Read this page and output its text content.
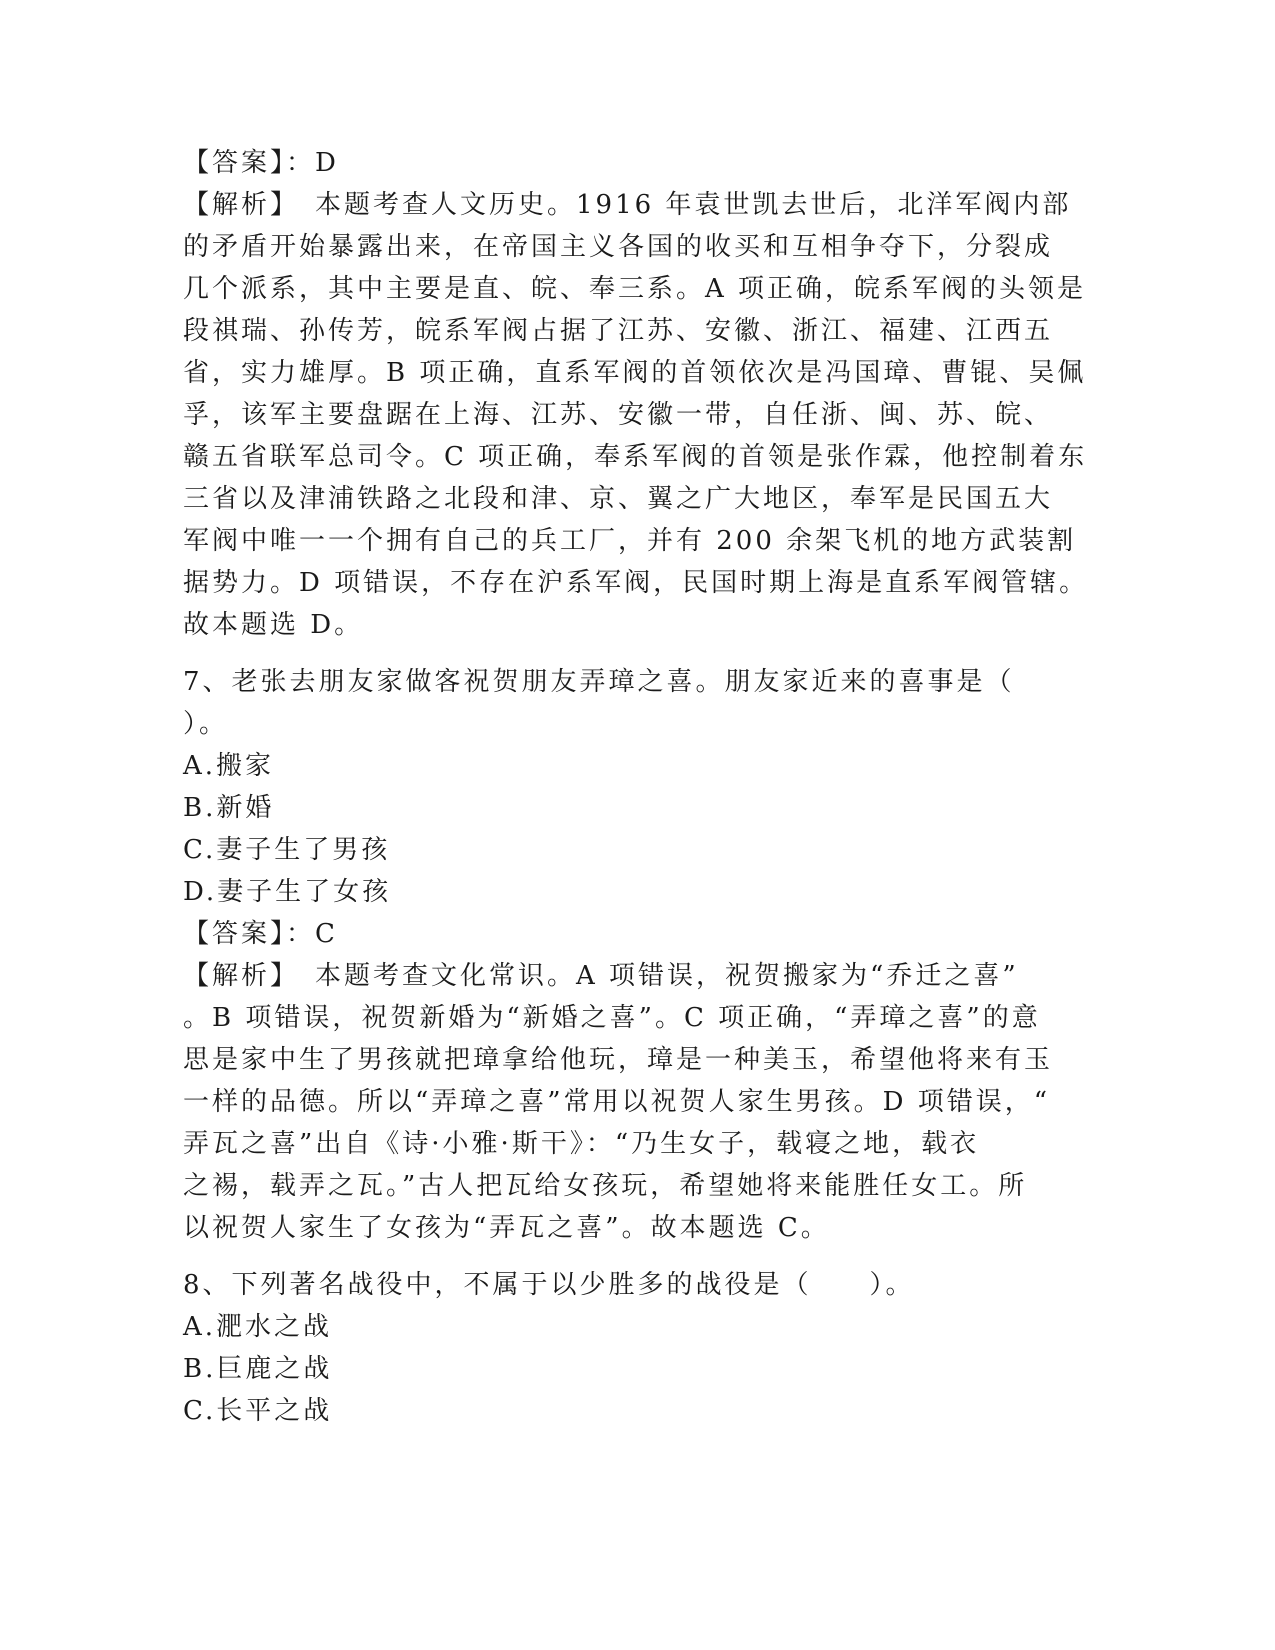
【答案】：D
【解析】　本题考查人文历史。1916 年袁世凯去世后，北洋军阀内部
的矛盾开始暴露出来，在帝国主义各国的收买和互相争夺下，分裂成
几个派系，其中主要是直、皖、奉三系。A 项正确，皖系军阀的头领是
段祺瑞、孙传芳，皖系军阀占据了江苏、安徽、浙江、福建、江西五
省，实力雄厚。B 项正确，直系军阀的首领依次是冯国璋、曹锟、吴佩
孚，该军主要盘踞在上海、江苏、安徽一带，自任浙、闽、苏、皖、
赣五省联军总司令。C 项正确，奉系军阀的首领是张作霖，他控制着东
三省以及津浦铁路之北段和津、京、翼之广大地区，奉军是民国五大
军阀中唯一一个拥有自己的兵工厂，并有 200 余架飞机的地方武装割
据势力。D 项错误，不存在沪系军阀，民国时期上海是直系军阀管辖。
故本题选 D。
7、老张去朋友家做客祝贺朋友弄璋之喜。朋友家近来的喜事是（
）。
A.搬家
B.新婚
C.妻子生了男孩
D.妻子生了女孩
【答案】：C
【解析】　本题考查文化常识。A 项错误，祝贺搬家为“乔迁之喜”
。B 项错误，祝贺新婚为“新婚之喜”。C 项正确，“弄璋之喜”的意
思是家中生了男孩就把璋拿给他玩，璋是一种美玉，希望他将来有玉
一样的品德。所以“弄璋之喜”常用以祝贺人家生男孩。D 项错误，“
弄瓦之喜”出自《诗·小雅·斯干》：“乃生女子，载寝之地，载衣
之裼，载弄之瓦。”古人把瓦给女孩玩，希望她将来能胜任女工。所
以祝贺人家生了女孩为“弄瓦之喜”。故本题选 C。
8、下列著名战役中，不属于以少胜多的战役是（　　）。
A.淝水之战
B.巨鹿之战
C.长平之战
